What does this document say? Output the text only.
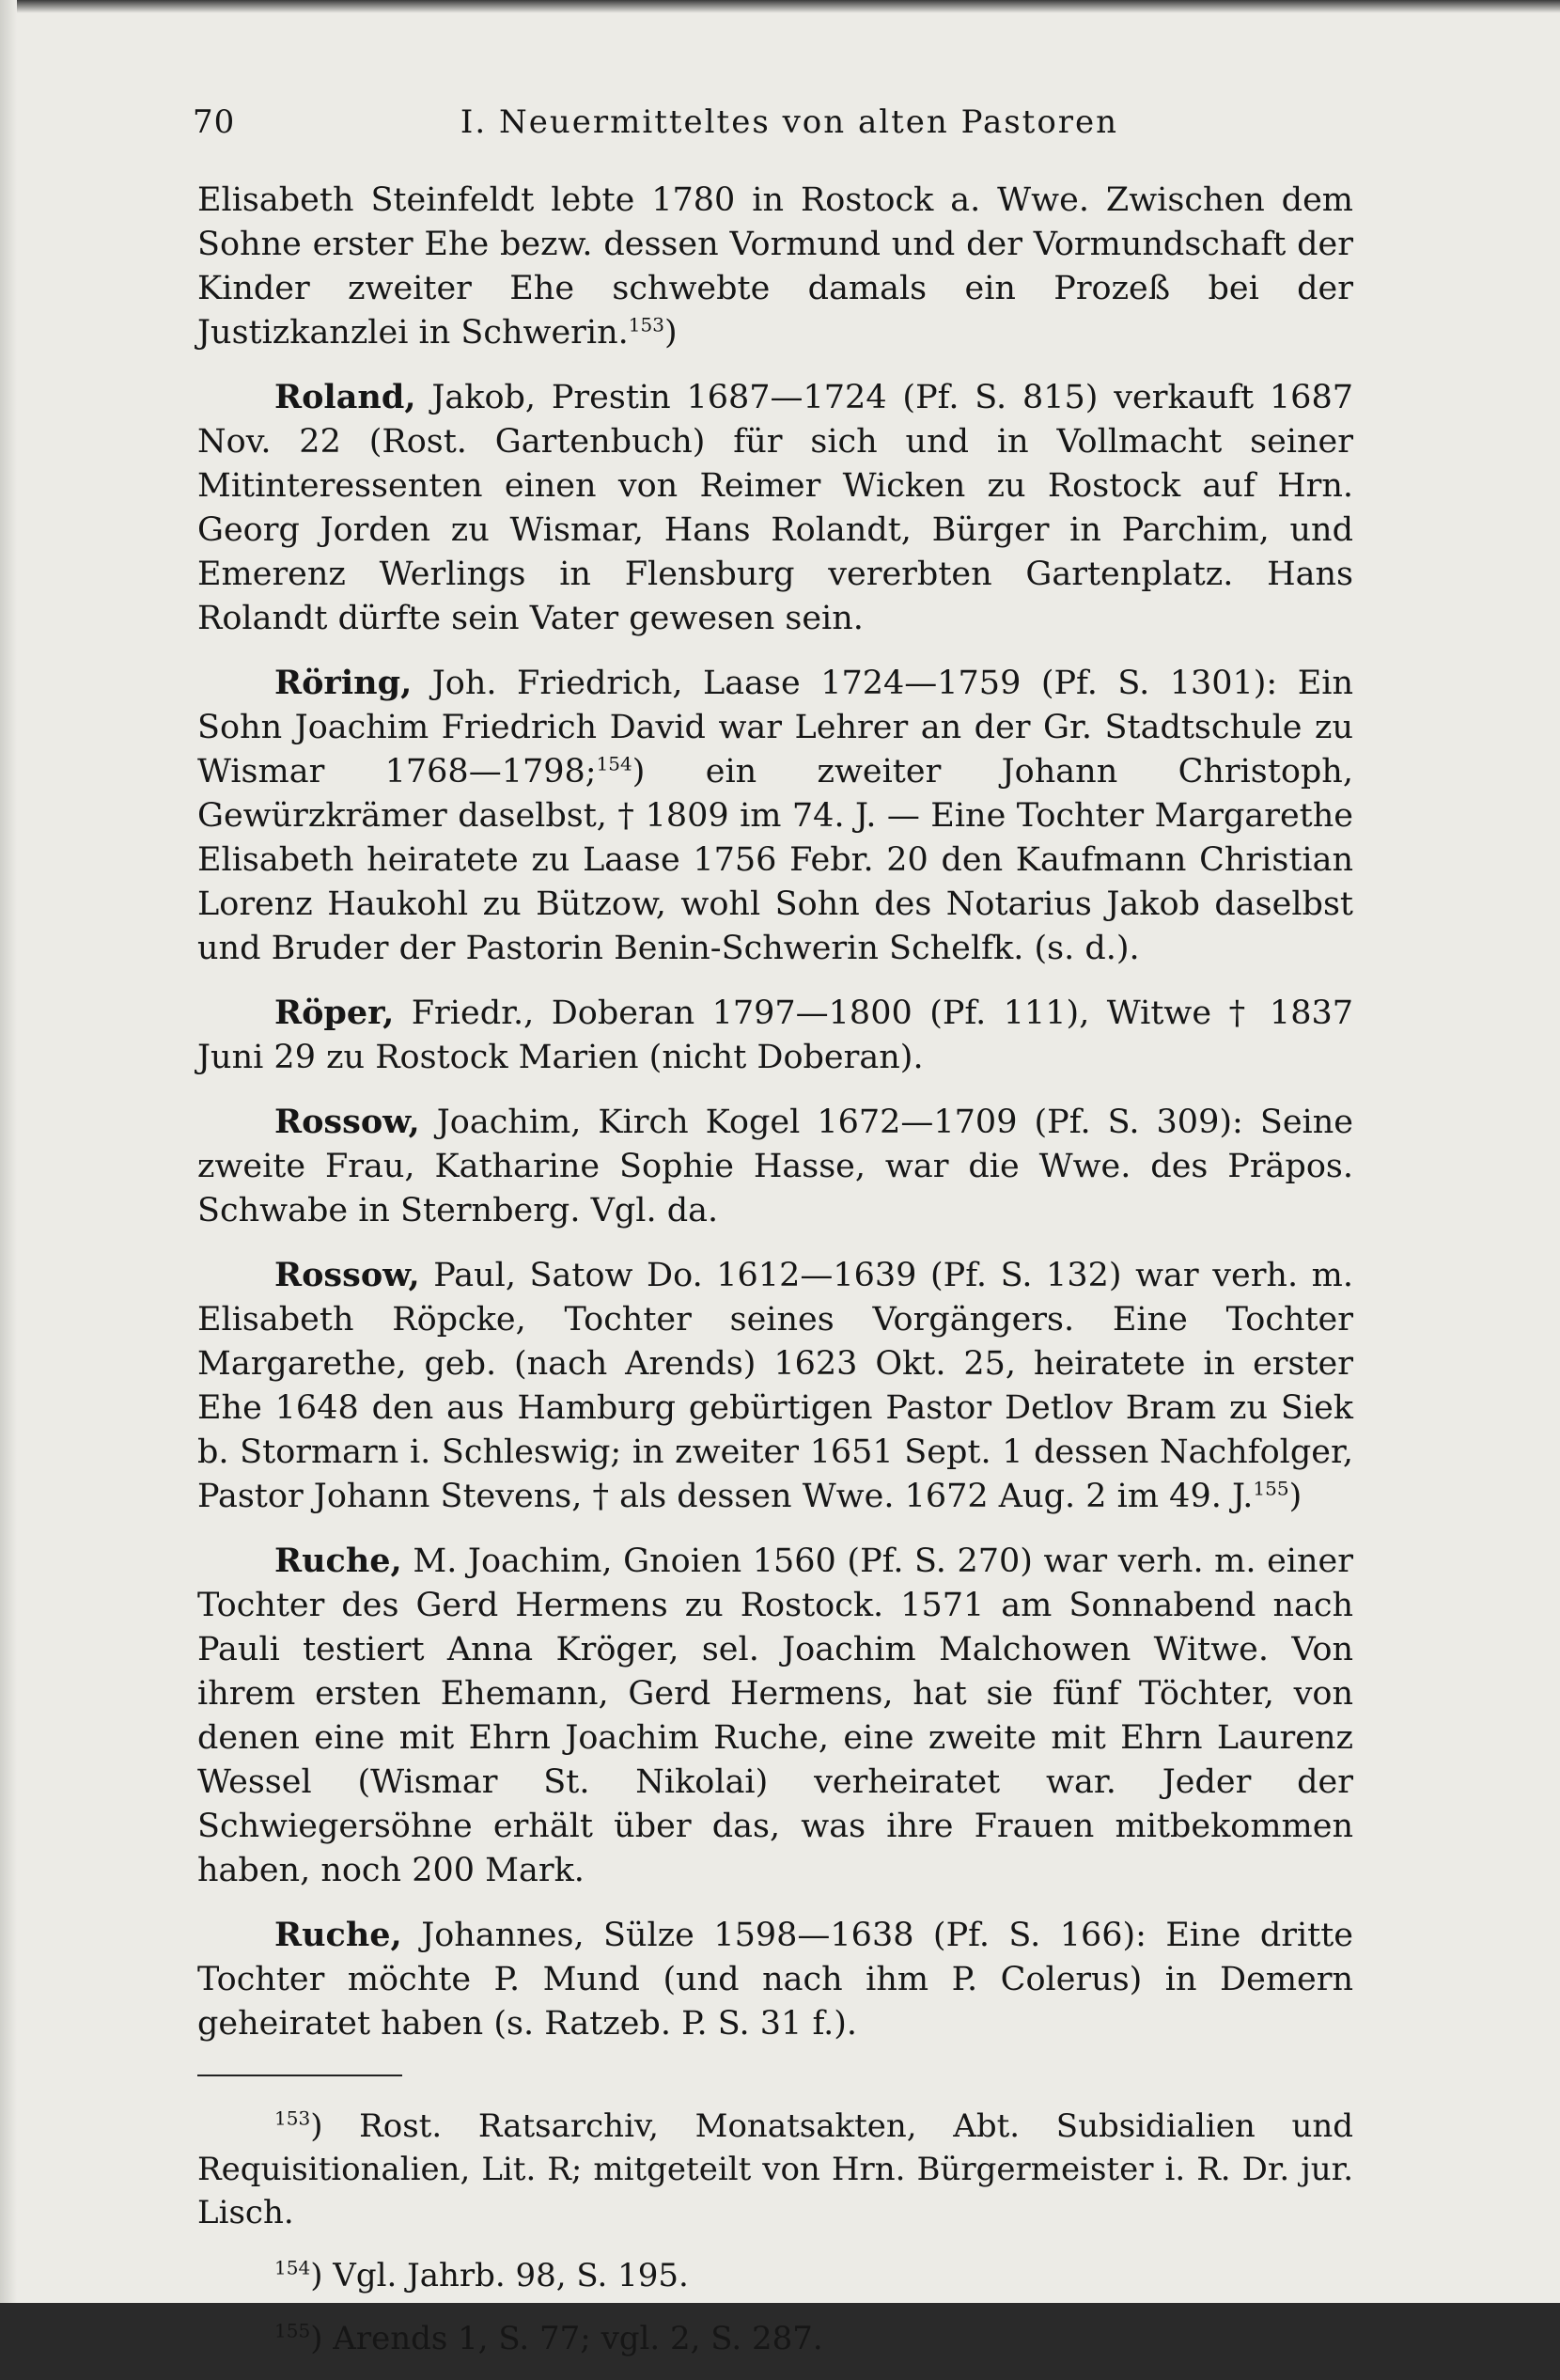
70	I. Neuermitteltes von alten Pastoren

Elisabeth Steinfeldt lebte 1780 in Rostock a. Wwe. Zwischen dem Sohne erster Ehe bezw. dessen Vormund und der Vormundschaft der Kinder zweiter Ehe schwebte damals ein Prozeß bei der Justizkanzlei in Schwerin.$^{153}$)

Roland, Jakob, Prestin 1687—1724 (Pf. S. 815) verkauft 1687 Nov. 22 (Rost. Gartenbuch) für sich und in Vollmacht seiner Mitinteressenten einen von Reimer Wicken zu Rostock auf Hrn. Georg Jorden zu Wismar, Hans Rolandt, Bürger in Parchim, und Emerenz Werlings in Flensburg vererbten Gartenplatz. Hans Rolandt dürfte sein Vater gewesen sein.

Röring, Joh. Friedrich, Laase 1724—1759 (Pf. S. 1301): Ein Sohn Joachim Friedrich David war Lehrer an der Gr. Stadtschule zu Wismar 1768—1798;$^{154}$) ein zweiter Johann Christoph, Gewürzkrämer daselbst, † 1809 im 74. J. — Eine Tochter Margarethe Elisabeth heiratete zu Laase 1756 Febr. 20 den Kaufmann Christian Lorenz Haukohl zu Bützow, wohl Sohn des Notarius Jakob daselbst und Bruder der Pastorin Benin-Schwerin Schelfk. (s. d.).

Röper, Friedr., Doberan 1797—1800 (Pf. 111), Witwe † 1837 Juni 29 zu Rostock Marien (nicht Doberan).

Rossow, Joachim, Kirch Kogel 1672—1709 (Pf. S. 309): Seine zweite Frau, Katharine Sophie Hasse, war die Wwe. des Präpos. Schwabe in Sternberg. Vgl. da.

Rossow, Paul, Satow Do. 1612—1639 (Pf. S. 132) war verh. m. Elisabeth Röpcke, Tochter seines Vorgängers. Eine Tochter Margarethe, geb. (nach Arends) 1623 Okt. 25, heiratete in erster Ehe 1648 den aus Hamburg gebürtigen Pastor Detlov Bram zu Siek b. Stormarn i. Schleswig; in zweiter 1651 Sept. 1 dessen Nachfolger, Pastor Johann Stevens, † als dessen Wwe. 1672 Aug. 2 im 49. J.$^{155}$)

Ruche, M. Joachim, Gnoien 1560 (Pf. S. 270) war verh. m. einer Tochter des Gerd Hermens zu Rostock. 1571 am Sonnabend nach Pauli testiert Anna Kröger, sel. Joachim Malchowen Witwe. Von ihrem ersten Ehemann, Gerd Hermens, hat sie fünf Töchter, von denen eine mit Ehrn Joachim Ruche, eine zweite mit Ehrn Laurenz Wessel (Wismar St. Nikolai) verheiratet war. Jeder der Schwiegersöhne erhält über das, was ihre Frauen mitbekommen haben, noch 200 Mark.

Ruche, Johannes, Sülze 1598—1638 (Pf. S. 166): Eine dritte Tochter möchte P. Mund (und nach ihm P. Colerus) in Demern geheiratet haben (s. Ratzeb. P. S. 31 f.).

$^{153}$) Rost. Ratsarchiv, Monatsakten, Abt. Subsidialien und Requisitionalien, Lit. R; mitgeteilt von Hrn. Bürgermeister i. R. Dr. jur. Lisch.

$^{154}$) Vgl. Jahrb. 98, S. 195.

$^{155}$) Arends 1, S. 77; vgl. 2, S. 287.
